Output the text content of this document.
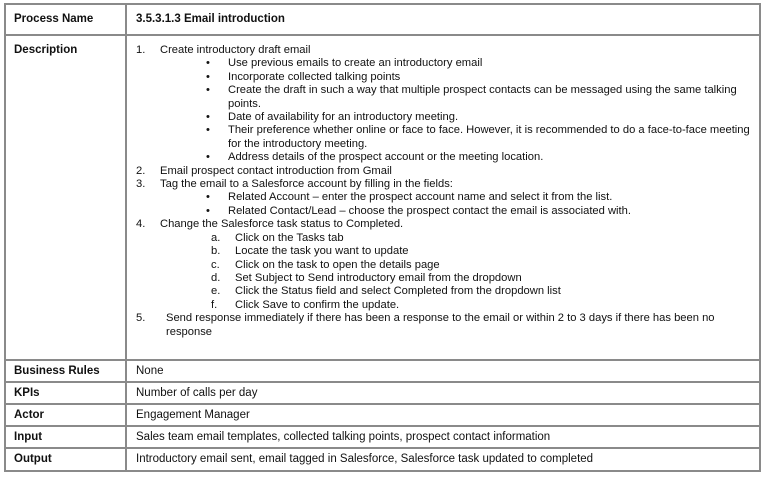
Process Name	3.5.3.1.3 Email introduction
Description	1.	Create introductory draft email
•	Use previous emails to create an introductory email
•	Incorporate collected talking points
•	Create the draft in such a way that multiple prospect contacts can be messaged using the same talking points.
•	Date of availability for an introductory meeting.
•	Their preference whether online or face to face. However, it is recommended to do a face-to-face meeting for the introductory meeting.
•	Address details of the prospect account or the meeting location.
2.	Email prospect contact introduction from Gmail
3.	Tag the email to a Salesforce account by filling in the fields:
•	Related Account – enter the prospect account name and select it from the list.
•	Related Contact/Lead – choose the prospect contact the email is associated with.
4.	Change the Salesforce task status to Completed.
a.	Click on the Tasks tab
b.	Locate the task you want to update
c.	Click on the task to open the details page
d.	Set Subject to Send introductory email from the dropdown
e.	Click the Status field and select Completed from the dropdown list
f.	Click Save to confirm the update.
5.	Send response immediately if there has been a response to the email or within 2 to 3 days if there has been no response
Business Rules	None
KPIs	Number of calls per day
Actor	Engagement Manager
Input	Sales team email templates, collected talking points, prospect contact information
Output	Introductory email sent, email tagged in Salesforce, Salesforce task updated to completed
